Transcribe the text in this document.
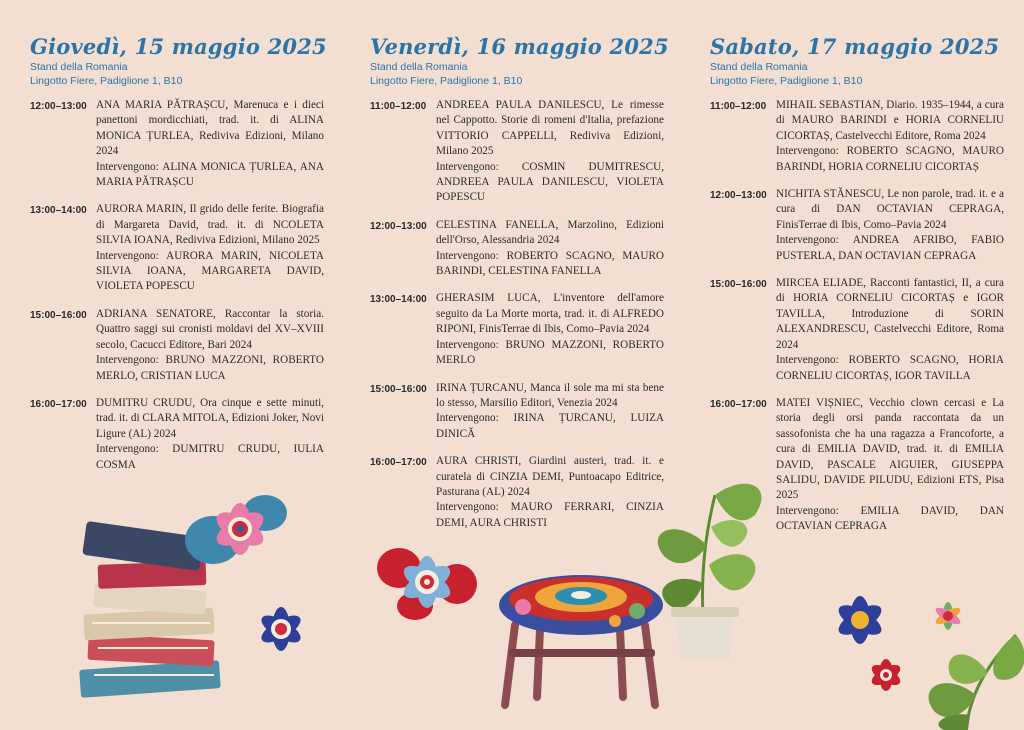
Giovedì, 15 maggio 2025
Stand della Romania
Lingotto Fiere, Padiglione 1, B10
12:00–13:00 ANA MARIA PĂTRAȘCU, Marenuca e i dieci panettoni mordicchiati, trad. it. di ALINA MONICA ȚURLEA, Rediviva Edizioni, Milano 2024
Intervengono: ALINA MONICA ȚURLEA, ANA MARIA PĂTRAȘCU
13:00–14:00 AURORA MARIN, Il grido delle ferite. Biografia di Margareta David, trad. it. di NCOLETA SILVIA IOANA, Rediviva Edizioni, Milano 2025
Intervengono: AURORA MARIN, NICOLETA SILVIA IOANA, MARGARETA DAVID, VIOLETA POPESCU
15:00–16:00 ADRIANA SENATORE, Raccontar la storia. Quattro saggi sui cronisti moldavi del XV–XVIII secolo, Cacucci Editore, Bari 2024
Intervengono: BRUNO MAZZONI, ROBERTO MERLO, CRISTIAN LUCA
16:00–17:00 DUMITRU CRUDU, Ora cinque e sette minuti, trad. it. di CLARA MITOLA, Edizioni Joker, Novi Ligure (AL) 2024
Intervengono: DUMITRU CRUDU, IULIA COSMA
Venerdì, 16 maggio 2025
Stand della Romania
Lingotto Fiere, Padiglione 1, B10
11:00–12:00 ANDREEA PAULA DANILESCU, Le rimesse nel Cappotto. Storie di romeni d'Italia, prefazione VITTORIO CAPPELLI, Rediviva Edizioni, Milano 2025
Intervengono: COSMIN DUMITRESCU, ANDREEA PAULA DANILESCU, VIOLETA POPESCU
12:00–13:00 CELESTINA FANELLA, Marzolino, Edizioni dell'Orso, Alessandria 2024
Intervengono: ROBERTO SCAGNO, MAURO BARINDI, CELESTINA FANELLA
13:00–14:00 GHERASIM LUCA, L'inventore dell'amore seguito da La Morte morta, trad. it. di ALFREDO RIPONI, FinisTerrae di Ibis, Como–Pavia 2024
Intervengono: BRUNO MAZZONI, ROBERTO MERLO
15:00–16:00 IRINA ȚURCANU, Manca il sole ma mi sta bene lo stesso, Marsilio Editori, Venezia 2024
Intervengono: IRINA ȚURCANU, LUIZA DINICĂ
16:00–17:00 AURA CHRISTI, Giardini austeri, trad. it. e curatela di CINZIA DEMI, Puntoacapo Editrice, Pasturana (AL) 2024
Intervengono: MAURO FERRARI, CINZIA DEMI, AURA CHRISTI
Sabato, 17 maggio 2025
Stand della Romania
Lingotto Fiere, Padiglione 1, B10
11:00–12:00 MIHAIL SEBASTIAN, Diario. 1935–1944, a cura di MAURO BARINDI e HORIA CORNELIU CICORTAȘ, Castelvecchi Editore, Roma 2024
Intervengono: ROBERTO SCAGNO, MAURO BARINDI, HORIA CORNELIU CICORTAȘ
12:00–13:00 NICHITA STĂNESCU, Le non parole, trad. it. e a cura di DAN OCTAVIAN CEPRAGA, FinisTerrae di Ibis, Como–Pavia 2024
Intervengono: ANDREA AFRIBO, FABIO PUSTERLA, DAN OCTAVIAN CEPRAGA
15:00–16:00 MIRCEA ELIADE, Racconti fantastici, II, a cura di HORIA CORNELIU CICORTAȘ e IGOR TAVILLA, Introduzione di SORIN ALEXANDRESCU, Castelvecchi Editore, Roma 2024
Intervengono: ROBERTO SCAGNO, HORIA CORNELIU CICORTAȘ, IGOR TAVILLA
16:00–17:00 MATEI VIȘNIEC, Vecchio clown cercasi e La storia degli orsi panda raccontata da un sassofonista che ha una ragazza a Francoforte, a cura di EMILIA DAVID, trad. it. di EMILIA DAVID, PASCALE AIGUIER, GIUSEPPA SALIDU, DAVIDE PILUDU, Edizioni ETS, Pisa 2025
Intervengono: EMILIA DAVID, DAN OCTAVIAN CEPRAGA
